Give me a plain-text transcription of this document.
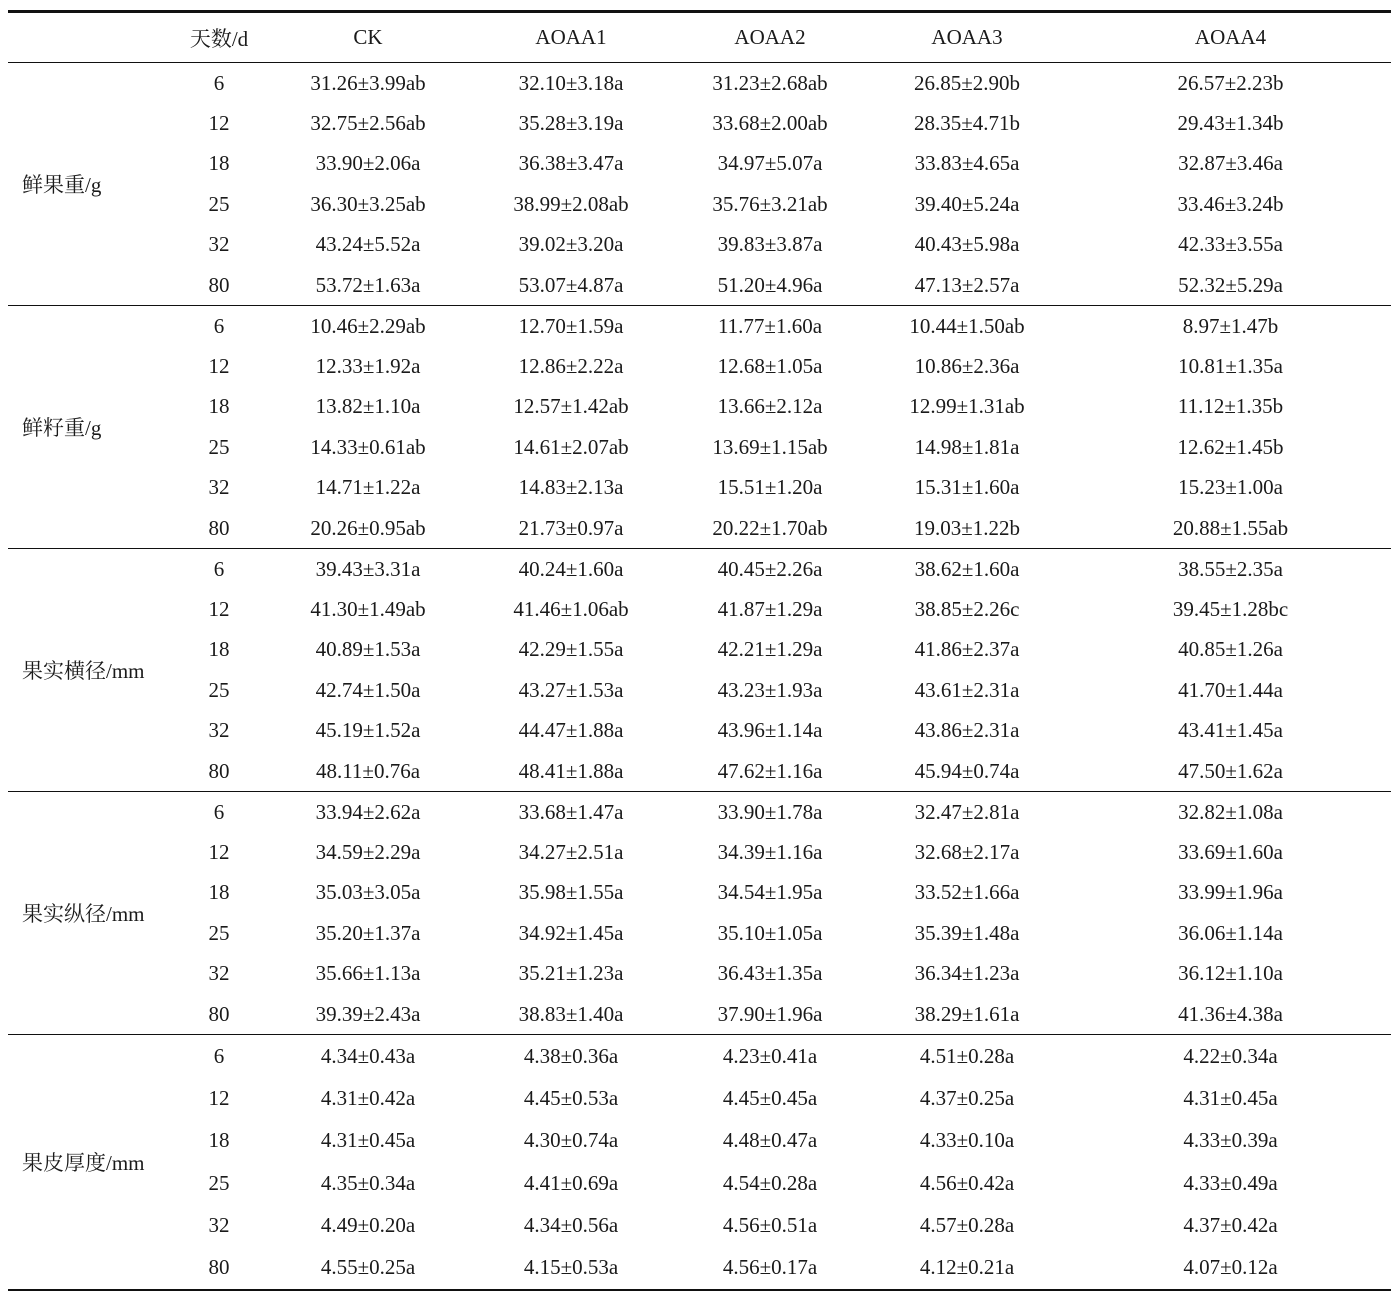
	天数/d	CK	AOAA1	AOAA2	AOAA3	AOAA4
鲜果重/g	6	31.26±3.99ab	32.10±3.18a	31.23±2.68ab	26.85±2.90b	26.57±2.23b
	12	32.75±2.56ab	35.28±3.19a	33.68±2.00ab	28.35±4.71b	29.43±1.34b
	18	33.90±2.06a	36.38±3.47a	34.97±5.07a	33.83±4.65a	32.87±3.46a
	25	36.30±3.25ab	38.99±2.08ab	35.76±3.21ab	39.40±5.24a	33.46±3.24b
	32	43.24±5.52a	39.02±3.20a	39.83±3.87a	40.43±5.98a	42.33±3.55a
	80	53.72±1.63a	53.07±4.87a	51.20±4.96a	47.13±2.57a	52.32±5.29a
鲜籽重/g	6	10.46±2.29ab	12.70±1.59a	11.77±1.60a	10.44±1.50ab	8.97±1.47b
	12	12.33±1.92a	12.86±2.22a	12.68±1.05a	10.86±2.36a	10.81±1.35a
	18	13.82±1.10a	12.57±1.42ab	13.66±2.12a	12.99±1.31ab	11.12±1.35b
	25	14.33±0.61ab	14.61±2.07ab	13.69±1.15ab	14.98±1.81a	12.62±1.45b
	32	14.71±1.22a	14.83±2.13a	15.51±1.20a	15.31±1.60a	15.23±1.00a
	80	20.26±0.95ab	21.73±0.97a	20.22±1.70ab	19.03±1.22b	20.88±1.55ab
果实横径/mm	6	39.43±3.31a	40.24±1.60a	40.45±2.26a	38.62±1.60a	38.55±2.35a
	12	41.30±1.49ab	41.46±1.06ab	41.87±1.29a	38.85±2.26c	39.45±1.28bc
	18	40.89±1.53a	42.29±1.55a	42.21±1.29a	41.86±2.37a	40.85±1.26a
	25	42.74±1.50a	43.27±1.53a	43.23±1.93a	43.61±2.31a	41.70±1.44a
	32	45.19±1.52a	44.47±1.88a	43.96±1.14a	43.86±2.31a	43.41±1.45a
	80	48.11±0.76a	48.41±1.88a	47.62±1.16a	45.94±0.74a	47.50±1.62a
果实纵径/mm	6	33.94±2.62a	33.68±1.47a	33.90±1.78a	32.47±2.81a	32.82±1.08a
	12	34.59±2.29a	34.27±2.51a	34.39±1.16a	32.68±2.17a	33.69±1.60a
	18	35.03±3.05a	35.98±1.55a	34.54±1.95a	33.52±1.66a	33.99±1.96a
	25	35.20±1.37a	34.92±1.45a	35.10±1.05a	35.39±1.48a	36.06±1.14a
	32	35.66±1.13a	35.21±1.23a	36.43±1.35a	36.34±1.23a	36.12±1.10a
	80	39.39±2.43a	38.83±1.40a	37.90±1.96a	38.29±1.61a	41.36±4.38a
果皮厚度/mm	6	4.34±0.43a	4.38±0.36a	4.23±0.41a	4.51±0.28a	4.22±0.34a
	12	4.31±0.42a	4.45±0.53a	4.45±0.45a	4.37±0.25a	4.31±0.45a
	18	4.31±0.45a	4.30±0.74a	4.48±0.47a	4.33±0.10a	4.33±0.39a
	25	4.35±0.34a	4.41±0.69a	4.54±0.28a	4.56±0.42a	4.33±0.49a
	32	4.49±0.20a	4.34±0.56a	4.56±0.51a	4.57±0.28a	4.37±0.42a
	80	4.55±0.25a	4.15±0.53a	4.56±0.17a	4.12±0.21a	4.07±0.12a
